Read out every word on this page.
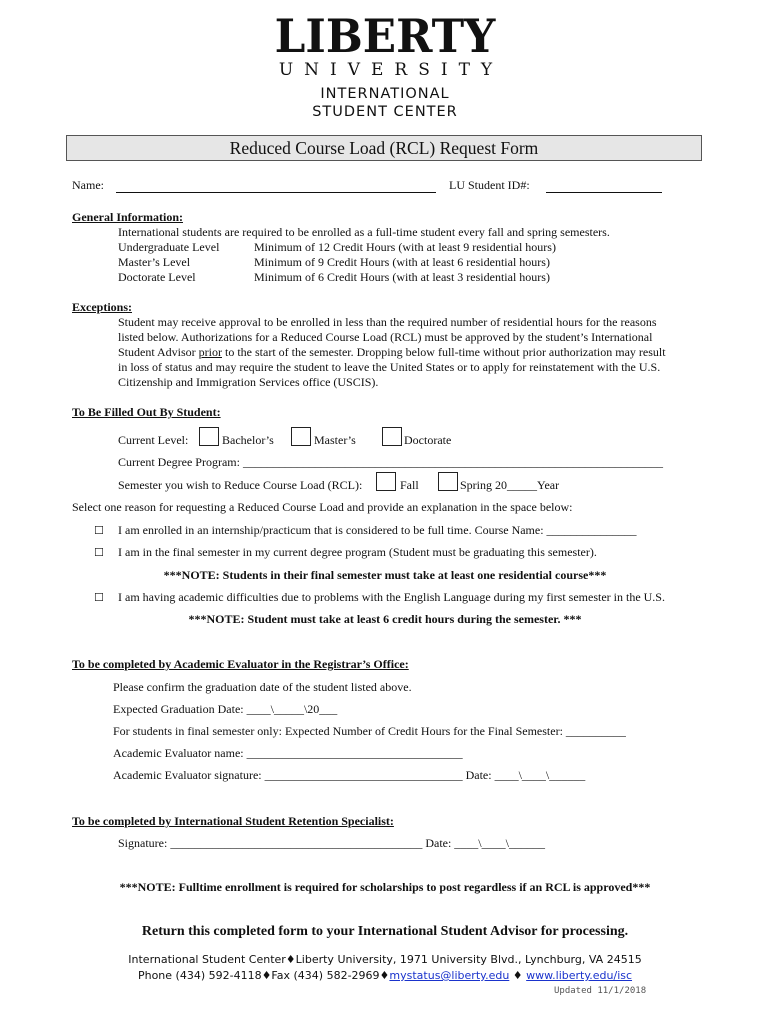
LIBERTY
UNIVERSITY
INTERNATIONAL
STUDENT CENTER
Reduced Course Load (RCL) Request Form
Name:	LU Student ID#:
General Information:
International students are required to be enrolled as a full-time student every fall and spring semesters.
Undergraduate Level	Minimum of 12 Credit Hours (with at least 9 residential hours)
Master’s Level	Minimum of 9 Credit Hours (with at least 6 residential hours)
Doctorate Level	Minimum of 6 Credit Hours (with at least 3 residential hours)
Exceptions:
Student may receive approval to be enrolled in less than the required number of residential hours for the reasons
listed below. Authorizations for a Reduced Course Load (RCL) must be approved by the student’s International
Student Advisor prior to the start of the semester. Dropping below full-time without prior authorization may result
in loss of status and may require the student to leave the United States or to apply for reinstatement with the U.S.
Citizenship and Immigration Services office (USCIS).
To Be Filled Out By Student:
Current Level:	Bachelor’s	Master’s	Doctorate
Current Degree Program: ______________________________________________________________________
Semester you wish to Reduce Course Load (RCL):	Fall	Spring 20_____Year
Select one reason for requesting a Reduced Course Load and provide an explanation in the space below:
☐ I am enrolled in an internship/practicum that is considered to be full time. Course Name: _______________
☐ I am in the final semester in my current degree program (Student must be graduating this semester).
***NOTE: Students in their final semester must take at least one residential course***
☐ I am having academic difficulties due to problems with the English Language during my first semester in the U.S.
***NOTE: Student must take at least 6 credit hours during the semester. ***
To be completed by Academic Evaluator in the Registrar’s Office:
Please confirm the graduation date of the student listed above.
Expected Graduation Date: ____\_____\20___
For students in final semester only: Expected Number of Credit Hours for the Final Semester: __________
Academic Evaluator name: ____________________________________
Academic Evaluator signature: _________________________________ Date: ____\____\______
To be completed by International Student Retention Specialist:
Signature: __________________________________________ Date: ____\____\______
***NOTE: Fulltime enrollment is required for scholarships to post regardless if an RCL is approved***
Return this completed form to your International Student Advisor for processing.
International Student Center♦Liberty University, 1971 University Blvd., Lynchburg, VA 24515
Phone (434) 592-4118♦Fax (434) 582-2969♦mystatus@liberty.edu ♦ www.liberty.edu/isc
Updated 11/1/2018
